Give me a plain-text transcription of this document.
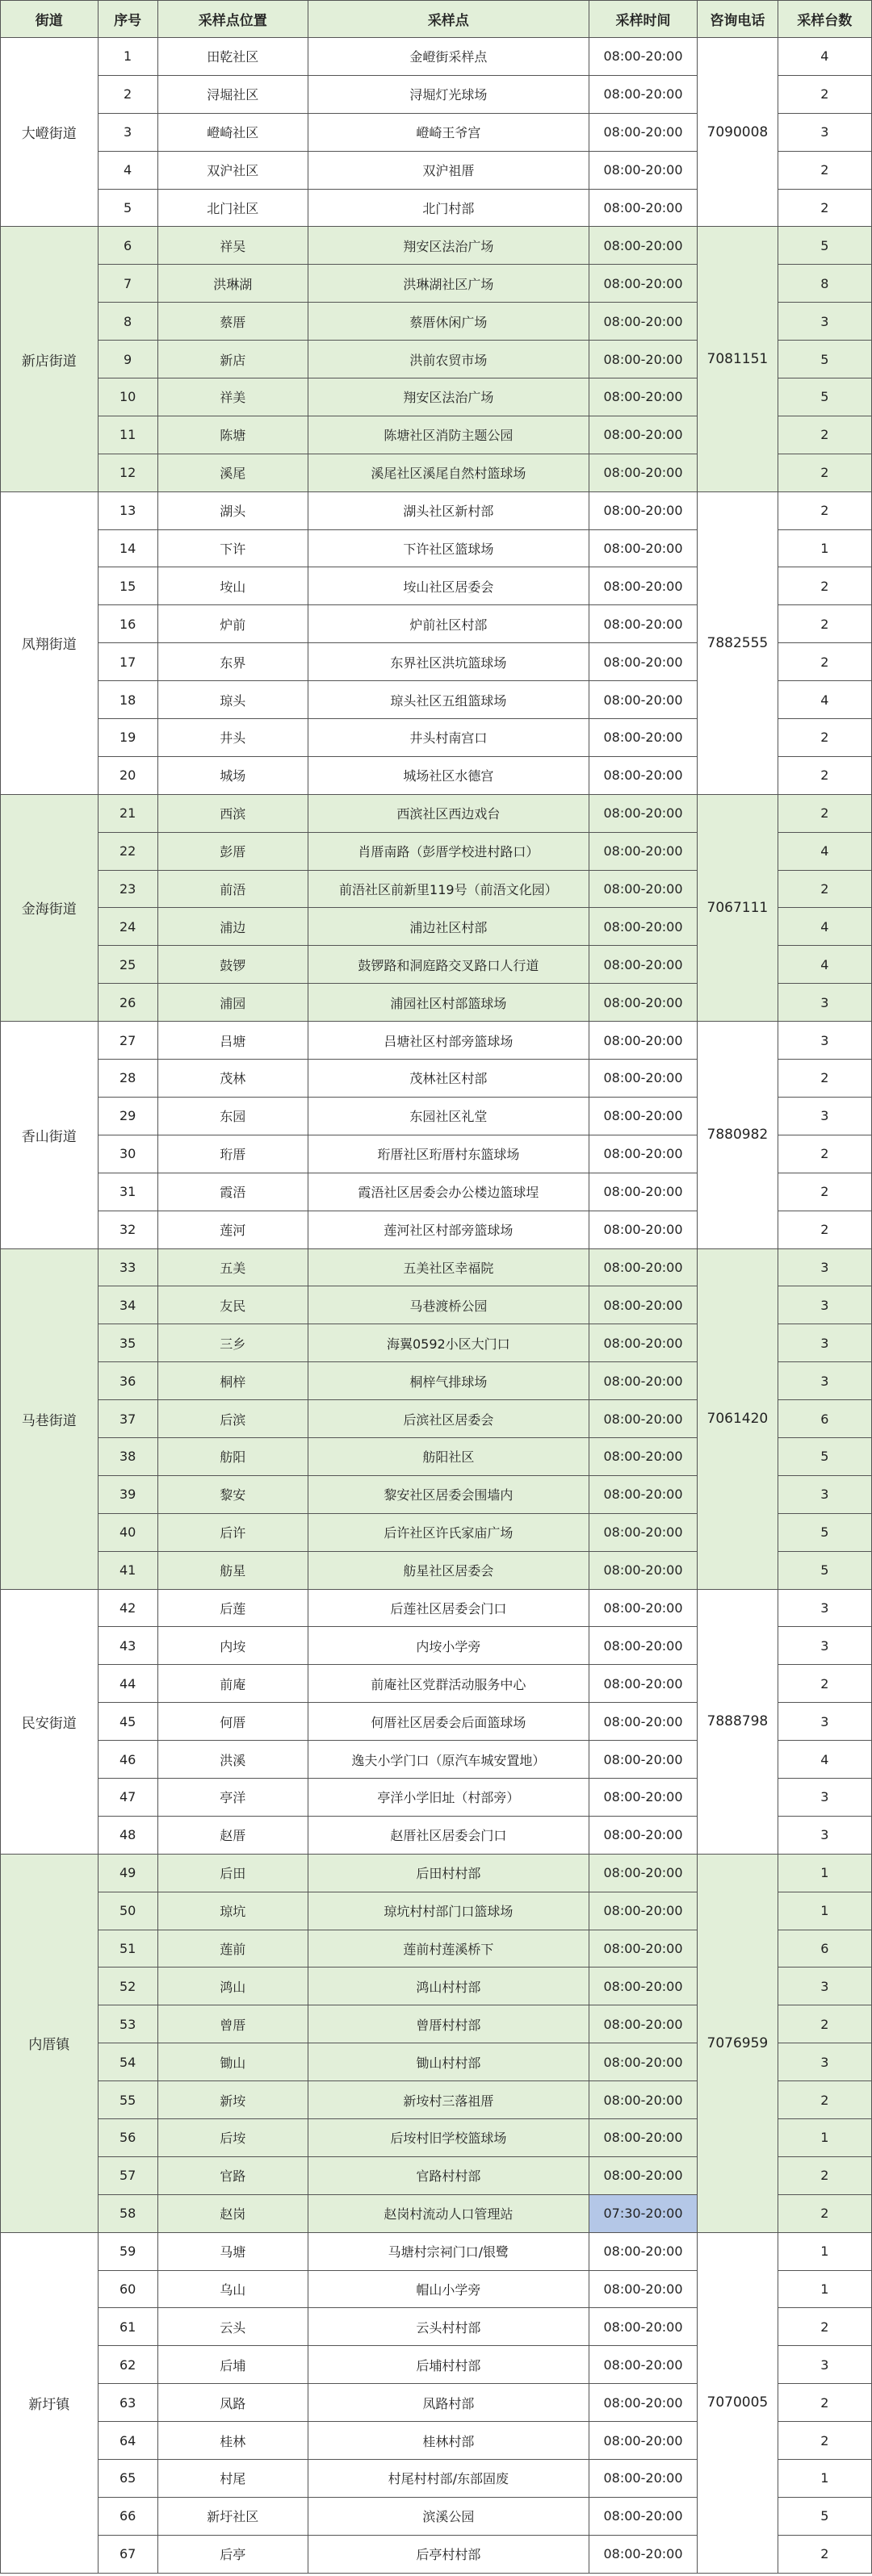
街道	序号	采样点位置	采样点	采样时间	咨询电话	采样台数
大嶝街道	1	田乾社区	金嶝街采样点	08:00-20:00	7090008	4
	2	浔堀社区	浔堀灯光球场	08:00-20:00		2
	3	嶝崎社区	嶝崎王爷宫	08:00-20:00		3
	4	双沪社区	双沪祖厝	08:00-20:00		2
	5	北门社区	北门村部	08:00-20:00		2
新店街道	6	祥吴	翔安区法治广场	08:00-20:00	7081151	5
	7	洪琳湖	洪琳湖社区广场	08:00-20:00		8
	8	蔡厝	蔡厝休闲广场	08:00-20:00		3
	9	新店	洪前农贸市场	08:00-20:00		5
	10	祥美	翔安区法治广场	08:00-20:00		5
	11	陈塘	陈塘社区消防主题公园	08:00-20:00		2
	12	溪尾	溪尾社区溪尾自然村篮球场	08:00-20:00		2
凤翔街道	13	湖头	湖头社区新村部	08:00-20:00	7882555	2
	14	下许	下许社区篮球场	08:00-20:00		1
	15	垵山	垵山社区居委会	08:00-20:00		2
	16	炉前	炉前社区村部	08:00-20:00		2
	17	东界	东界社区洪坑篮球场	08:00-20:00		2
	18	琼头	琼头社区五组篮球场	08:00-20:00		4
	19	井头	井头村南宫口	08:00-20:00		2
	20	城场	城场社区水德宫	08:00-20:00		2
金海街道	21	西滨	西滨社区西边戏台	08:00-20:00	7067111	2
	22	彭厝	肖厝南路（彭厝学校进村路口）	08:00-20:00		4
	23	前浯	前浯社区前新里119号（前浯文化园）	08:00-20:00		2
	24	浦边	浦边社区村部	08:00-20:00		4
	25	鼓锣	鼓锣路和洞庭路交叉路口人行道	08:00-20:00		4
	26	浦园	浦园社区村部篮球场	08:00-20:00		3
香山街道	27	吕塘	吕塘社区村部旁篮球场	08:00-20:00	7880982	3
	28	茂林	茂林社区村部	08:00-20:00		2
	29	东园	东园社区礼堂	08:00-20:00		3
	30	珩厝	珩厝社区珩厝村东篮球场	08:00-20:00		2
	31	霞浯	霞浯社区居委会办公楼边篮球埕	08:00-20:00		2
	32	莲河	莲河社区村部旁篮球场	08:00-20:00		2
马巷街道	33	五美	五美社区幸福院	08:00-20:00	7061420	3
	34	友民	马巷渡桥公园	08:00-20:00		3
	35	三乡	海翼0592小区大门口	08:00-20:00		3
	36	桐梓	桐梓气排球场	08:00-20:00		3
	37	后滨	后滨社区居委会	08:00-20:00		6
	38	舫阳	舫阳社区	08:00-20:00		5
	39	黎安	黎安社区居委会围墙内	08:00-20:00		3
	40	后许	后许社区许氏家庙广场	08:00-20:00		5
	41	舫星	舫星社区居委会	08:00-20:00		5
民安街道	42	后莲	后莲社区居委会门口	08:00-20:00	7888798	3
	43	内垵	内垵小学旁	08:00-20:00		3
	44	前庵	前庵社区党群活动服务中心	08:00-20:00		2
	45	何厝	何厝社区居委会后面篮球场	08:00-20:00		3
	46	洪溪	逸夫小学门口（原汽车城安置地）	08:00-20:00		4
	47	亭洋	亭洋小学旧址（村部旁）	08:00-20:00		3
	48	赵厝	赵厝社区居委会门口	08:00-20:00		3
内厝镇	49	后田	后田村村部	08:00-20:00	7076959	1
	50	琼坑	琼坑村村部门口篮球场	08:00-20:00		1
	51	莲前	莲前村莲溪桥下	08:00-20:00		6
	52	鸿山	鸿山村村部	08:00-20:00		3
	53	曾厝	曾厝村村部	08:00-20:00		2
	54	锄山	锄山村村部	08:00-20:00		3
	55	新垵	新垵村三落祖厝	08:00-20:00		2
	56	后垵	后垵村旧学校篮球场	08:00-20:00		1
	57	官路	官路村村部	08:00-20:00		2
	58	赵岗	赵岗村流动人口管理站	07:30-20:00		2
新圩镇	59	马塘	马塘村宗祠门口/银鹭	08:00-20:00	7070005	1
	60	乌山	帽山小学旁	08:00-20:00		1
	61	云头	云头村村部	08:00-20:00		2
	62	后埔	后埔村村部	08:00-20:00		3
	63	凤路	凤路村部	08:00-20:00		2
	64	桂林	桂林村部	08:00-20:00		2
	65	村尾	村尾村村部/东部固废	08:00-20:00		1
	66	新圩社区	滨溪公园	08:00-20:00		5
	67	后亭	后亭村村部	08:00-20:00		2
